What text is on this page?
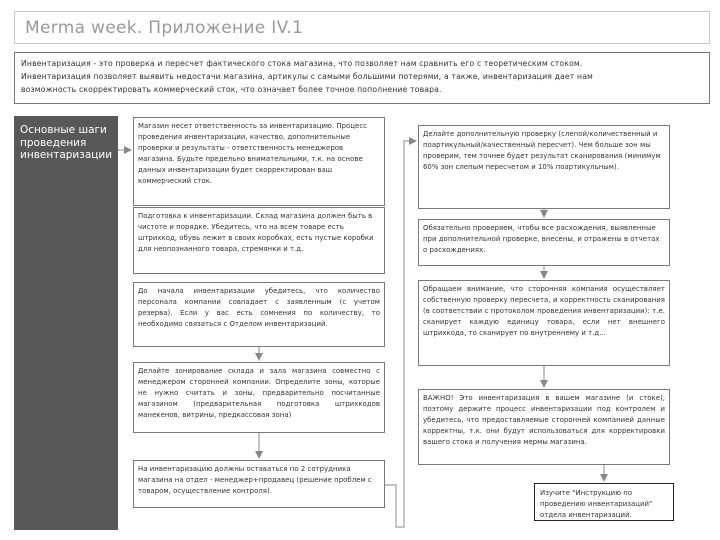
Merma week. Приложение IV.1

Инвентаризация - это проверка и пересчет фактического стока магазина, что позволяет нам сравнить его с теоретическим стоком.

Инвентаризация позволяет выявить недостачи магазина, артикулы с самыми большими потерями, а также, инвентаризация дает нам

возможность скорректировать коммерческий сток, что означает более точное пополнение товара.

Основные шаги проведения инвентаризации
Магазин несет ответственность за инвентаризацию. Процесс проведения инвентаризации, качество, дополнительные проверки и результаты - ответственность менеджеров магазина. Будьте предельно внимательными, т.к. на основе данных инвентаризации будет скорректирован ваш коммерческий сток.
Подготовка к инвентаризации. Склад магазина должен быть в чистоте и порядке. Убедитесь, что на всем товаре есть штрихкод, обувь лежит в своих коробках, есть пустые коробки для неопознанного товара, стремянки и т.д.
До начала инвентаризации убедитесь, что количество персонала компании совпадает с заявленным (с учетом резерва). Если у вас есть сомнения по количеству, то необходимо связаться с Отделом инвентаризаций.
Делайте зонирование склада и зала магазина совместно с менеджером сторонней компании. Определите зоны, которые не нужно считать и зоны, предварительно посчитанные магазином (предварительная подготовка штрихкодов манекенов, витрины, предкассовая зона)
На инвентаризацию должны оставаться по 2 сотрудника магазина на отдел - менеджер+продавец (решение проблем с товаром, осуществление контроля).
Делайте дополнительную проверку (слепой/количественный и поартикульный/качественный пересчет). Чем больше зон мы проверим, тем точнее будет результат сканирования (минимум 60% зон слепым пересчетом и 10% поартикульным).
Обязательно проверяем, чтобы все расхождения, выявленные при дополнительной проверке, внесены, и отражены в отчетах о расхождениях.
Обращаем внимание, что сторонняя компания осуществляет собственную проверку пересчета, и корректность сканирования (в соответствии с протоколом проведения инвентаризации): т.е. сканирует каждую единицу товара, если нет внешнего штрихкода, то сканирует по внутреннему и т.д...
ВАЖНО! Это инвентаризация в вашем магазине (и стоке), поэтому держите процесс инвентаризации под контролем и убедитесь, что предоставляемые сторонней компанией данные корректны, т.к. они будут использоваться для корректировки вашего стока и получения мермы магазина.
Изучите "Инструкцию по проведению инвентаризаций" отдела инвентаризаций.
